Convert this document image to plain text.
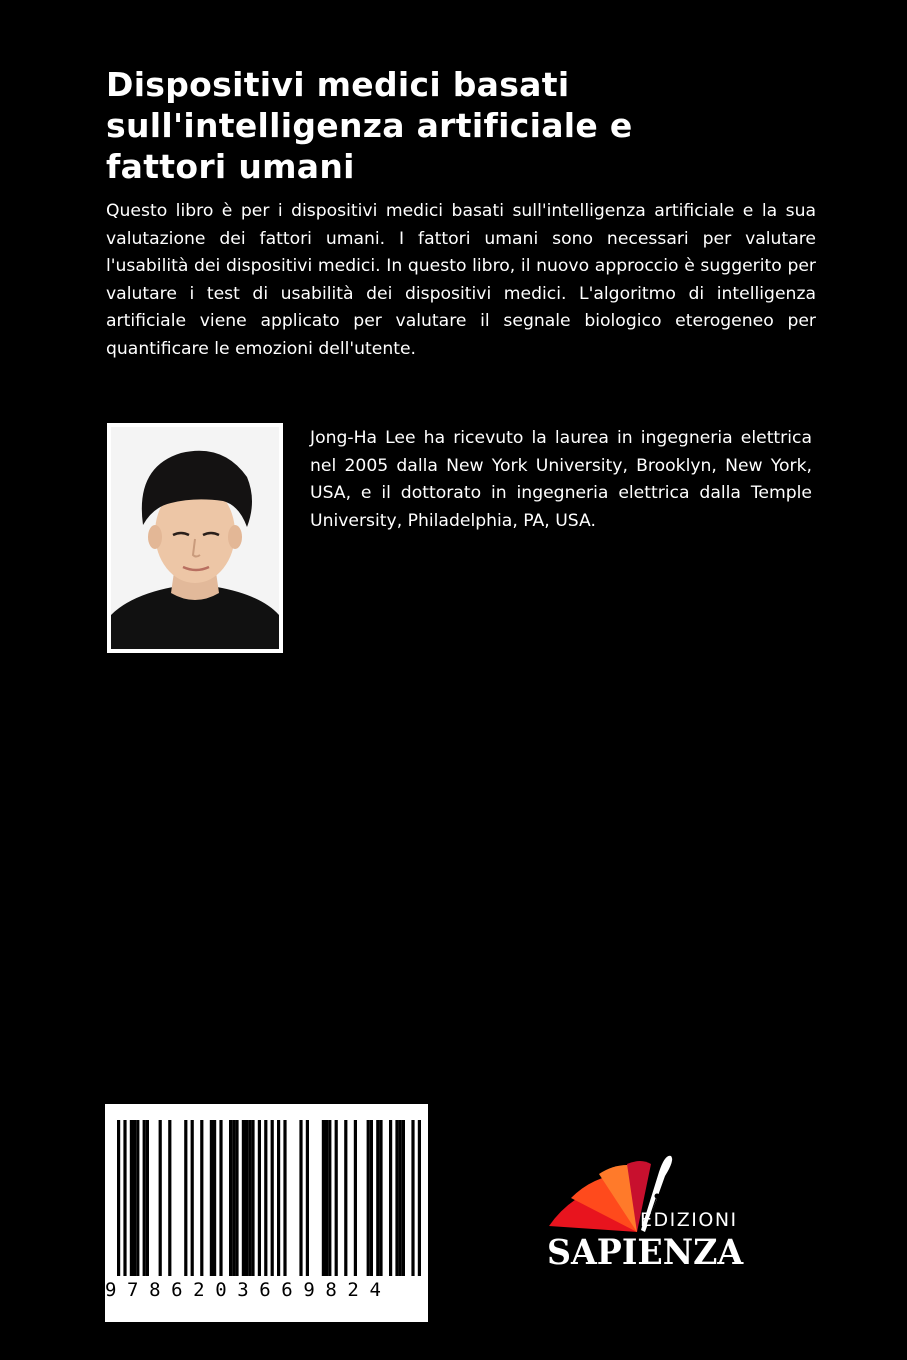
Dispositivi medici basati sull'intelligenza artificiale e fattori umani

Questo libro è per i dispositivi medici basati sull'intelligenza artificiale e la sua valutazione dei fattori umani. I fattori umani sono necessari per valutare l'usabilità dei dispositivi medici. In questo libro, il nuovo approccio è suggerito per valutare i test di usabilità dei dispositivi medici. L'algoritmo di intelligenza artificiale viene applicato per valutare il segnale biologico eterogeneo per quantificare le emozioni dell'utente.

Jong-Ha Lee ha ricevuto la laurea in ingegneria elettrica nel 2005 dalla New York University, Brooklyn, New York, USA, e il dottorato in ingegneria elettrica dalla Temple University, Philadelphia, PA, USA.

9786203669824
EDIZIONI
SAPIENZA
